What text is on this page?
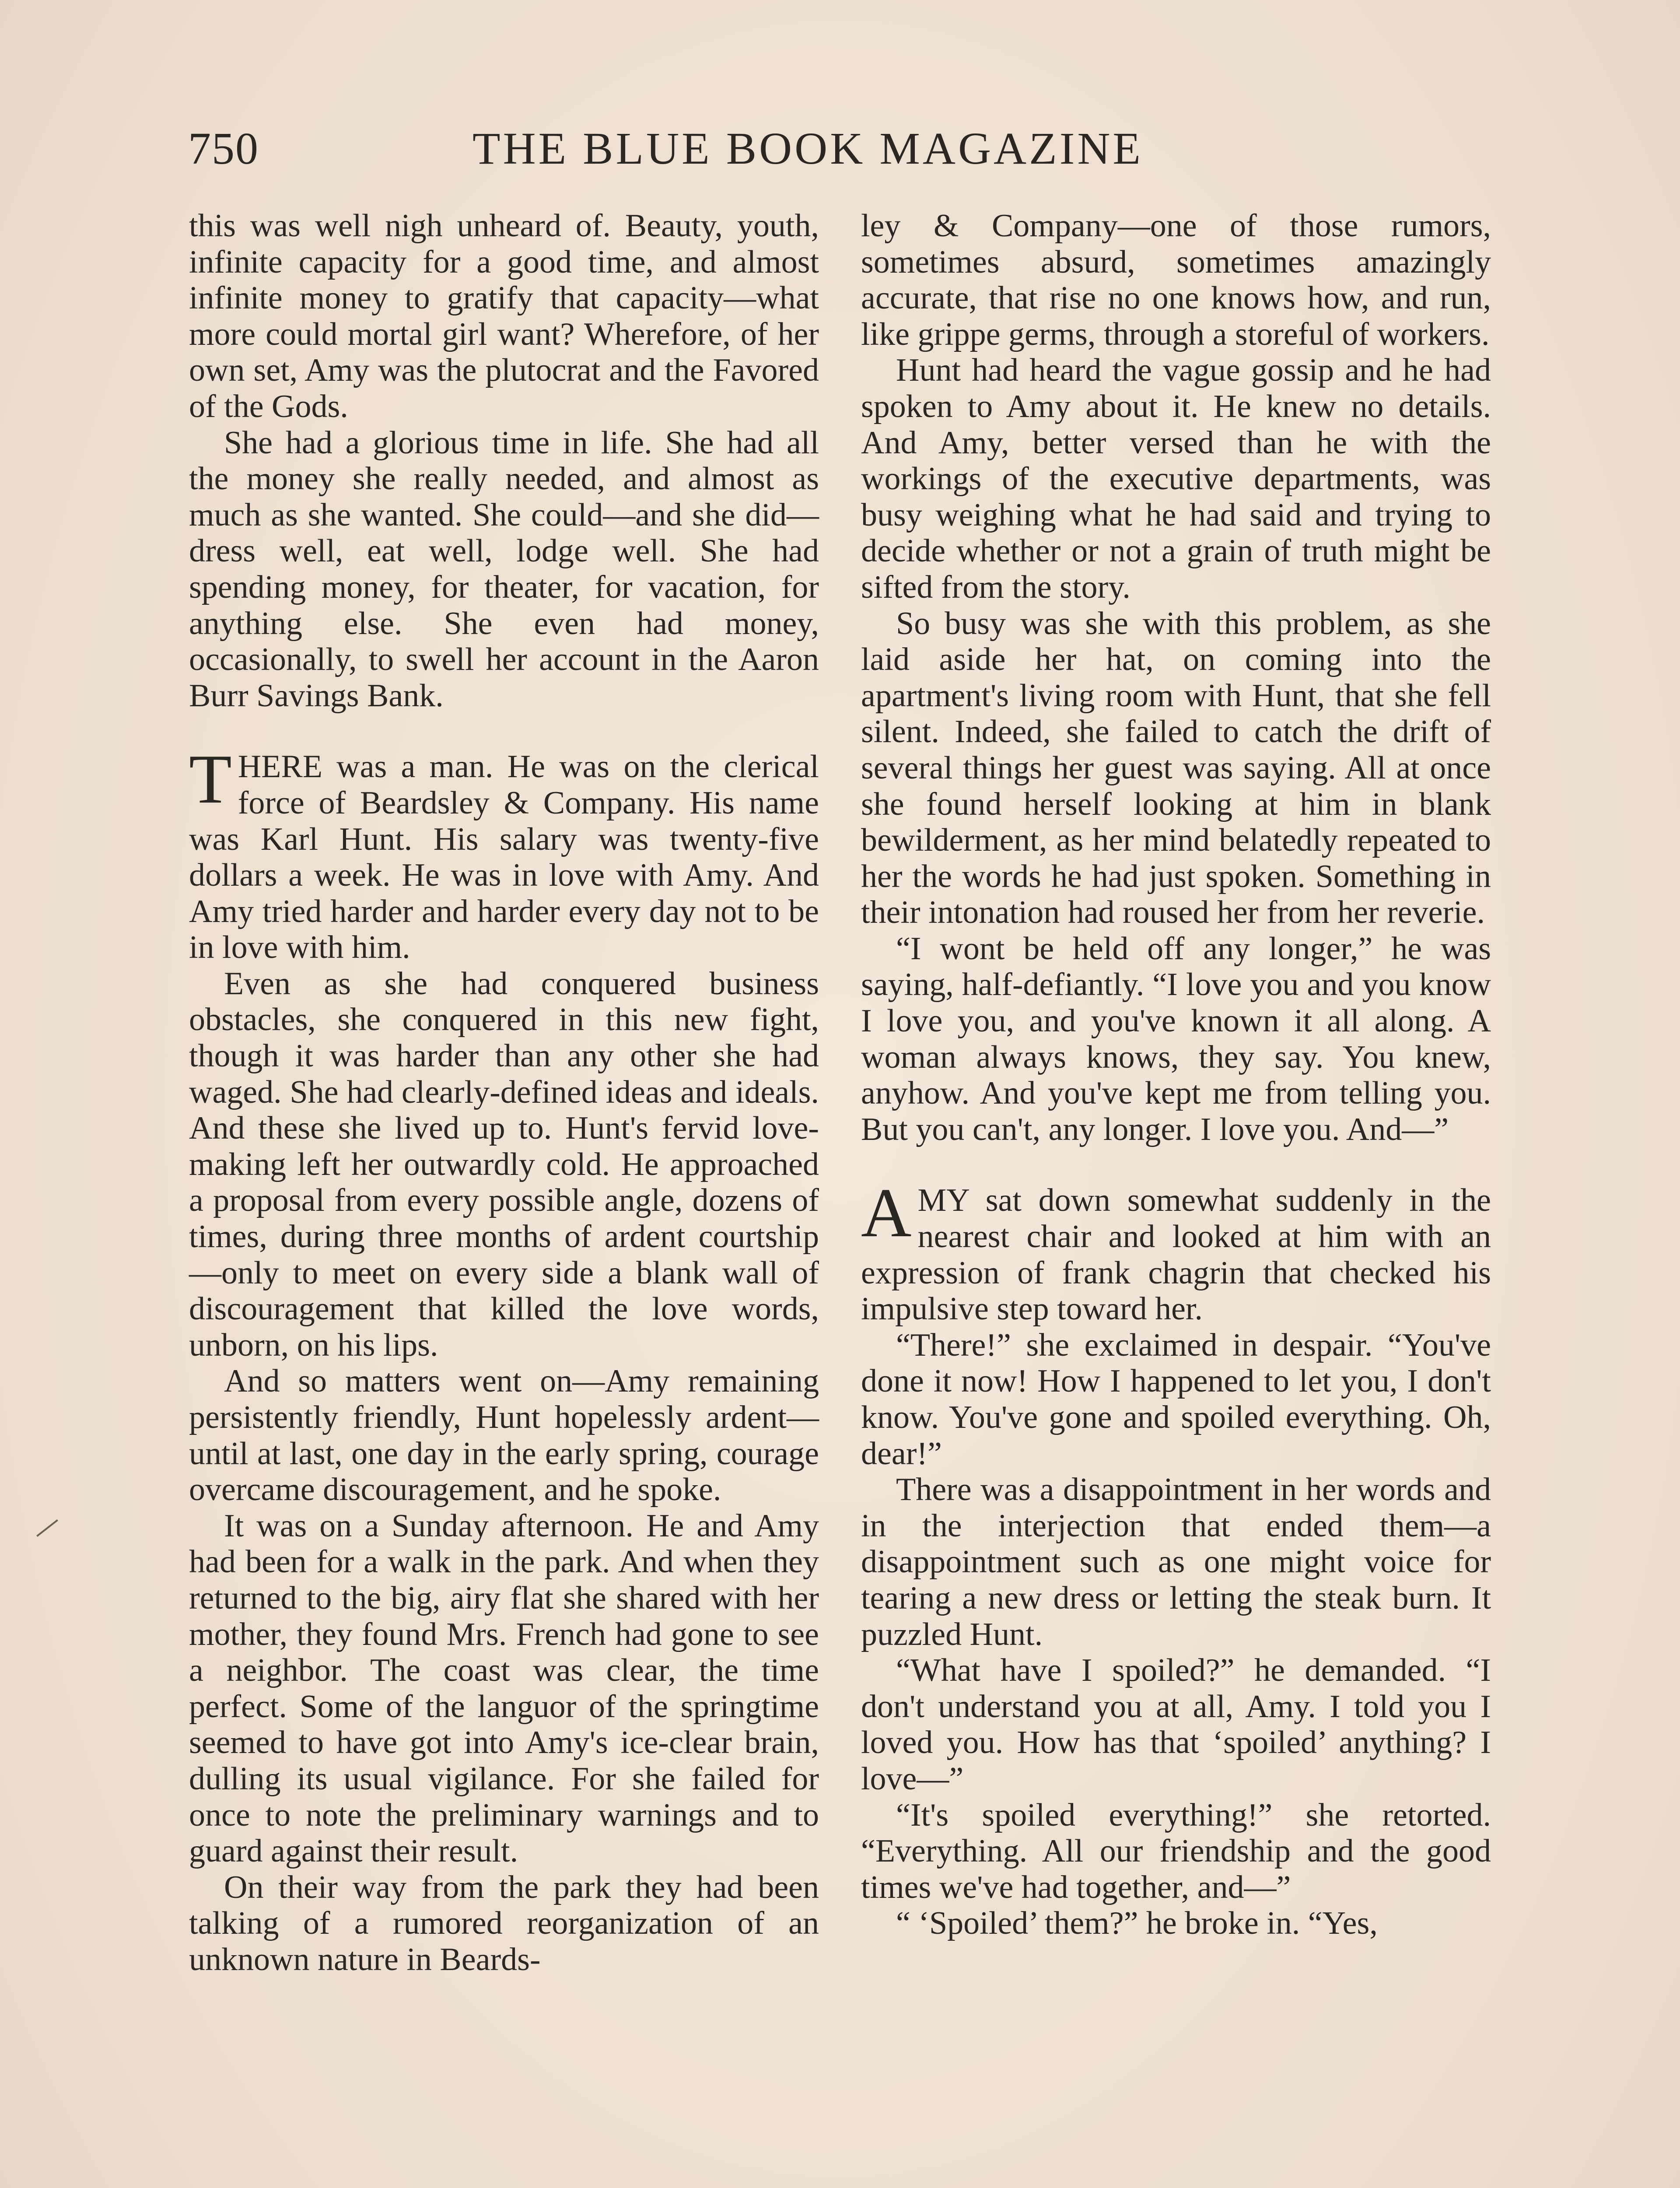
750	THE BLUE BOOK MAGAZINE

this was well nigh unheard of. Beauty, youth, infinite capacity for a good time, and almost infinite money to gratify that capacity—what more could mortal girl want? Wherefore, of her own set, Amy was the plutocrat and the Favored of the Gods.

She had a glorious time in life. She had all the money she really needed, and almost as much as she wanted. She could—and she did—dress well, eat well, lodge well. She had spending money, for theater, for vacation, for anything else. She even had money, occasionally, to swell her account in the Aaron Burr Savings Bank.

THERE was a man. He was on the clerical force of Beardsley & Company. His name was Karl Hunt. His salary was twenty-five dollars a week. He was in love with Amy. And Amy tried harder and harder every day not to be in love with him.

Even as she had conquered business obstacles, she conquered in this new fight, though it was harder than any other she had waged. She had clearly-defined ideas and ideals. And these she lived up to. Hunt's fervid love-making left her outwardly cold. He approached a proposal from every possible angle, dozens of times, during three months of ardent courtship—only to meet on every side a blank wall of discouragement that killed the love words, unborn, on his lips.

And so matters went on—Amy remaining persistently friendly, Hunt hopelessly ardent—until at last, one day in the early spring, courage overcame discouragement, and he spoke.

It was on a Sunday afternoon. He and Amy had been for a walk in the park. And when they returned to the big, airy flat she shared with her mother, they found Mrs. French had gone to see a neighbor. The coast was clear, the time perfect. Some of the languor of the springtime seemed to have got into Amy's ice-clear brain, dulling its usual vigilance. For she failed for once to note the preliminary warnings and to guard against their result.

On their way from the park they had been talking of a rumored reorganization of an unknown nature in Beards-

ley & Company—one of those rumors, sometimes absurd, sometimes amazingly accurate, that rise no one knows how, and run, like grippe germs, through a storeful of workers.

Hunt had heard the vague gossip and he had spoken to Amy about it. He knew no details. And Amy, better versed than he with the workings of the executive departments, was busy weighing what he had said and trying to decide whether or not a grain of truth might be sifted from the story.

So busy was she with this problem, as she laid aside her hat, on coming into the apartment's living room with Hunt, that she fell silent. Indeed, she failed to catch the drift of several things her guest was saying. All at once she found herself looking at him in blank bewilderment, as her mind belatedly repeated to her the words he had just spoken. Something in their intonation had roused her from her reverie.

“I wont be held off any longer,” he was saying, half-defiantly. “I love you and you know I love you, and you've known it all along. A woman always knows, they say. You knew, anyhow. And you've kept me from telling you. But you can't, any longer. I love you. And—”

AMY sat down somewhat suddenly in the nearest chair and looked at him with an expression of frank chagrin that checked his impulsive step toward her.

“There!” she exclaimed in despair. “You've done it now! How I happened to let you, I don't know. You've gone and spoiled everything. Oh, dear!”

There was a disappointment in her words and in the interjection that ended them—a disappointment such as one might voice for tearing a new dress or letting the steak burn. It puzzled Hunt.

“What have I spoiled?” he demanded. “I don't understand you at all, Amy. I told you I loved you. How has that ‘spoiled’ anything? I love—”

“It's spoiled everything!” she retorted. “Everything. All our friendship and the good times we've had together, and—”

“ ‘Spoiled’ them?” he broke in. “Yes,
